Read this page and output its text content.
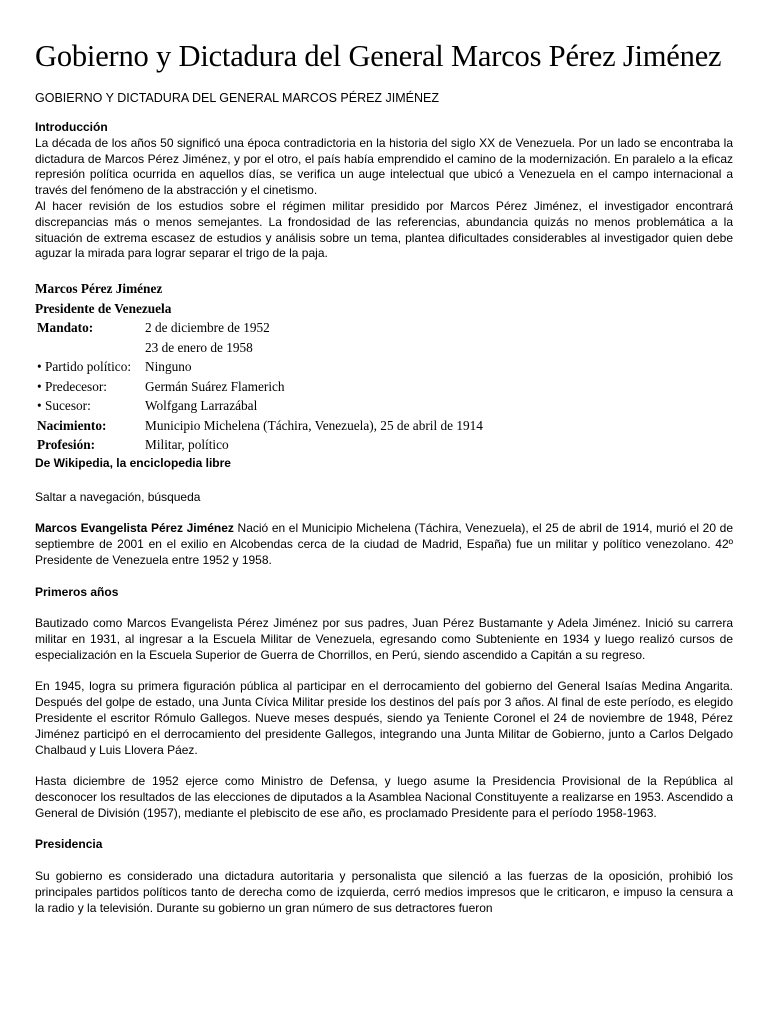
Gobierno y Dictadura del General Marcos Pérez Jiménez

GOBIERNO Y DICTADURA DEL GENERAL MARCOS PÉREZ JIMÉNEZ

Introducción

La década de los años 50 significó una época contradictoria en la historia del siglo XX de Venezuela. Por un lado se encontraba la dictadura de Marcos Pérez Jiménez, y por el otro, el país había emprendido el camino de la modernización. En paralelo a la eficaz represión política ocurrida en aquellos días, se verifica un auge intelectual que ubicó a Venezuela en el campo internacional a través del fenómeno de la abstracción y el cinetismo.

Al hacer revisión de los estudios sobre el régimen militar presidido por Marcos Pérez Jiménez, el investigador encontrará discrepancias más o menos semejantes. La frondosidad de las referencias, abundancia quizás no menos problemática a la situación de extrema escasez de estudios y análisis sobre un tema, plantea dificultades considerables al investigador quien debe aguzar la mirada para lograr separar el trigo de la paja.

Marcos Pérez Jiménez
Presidente de Venezuela
Mandato:	2 de diciembre de 1952
23 de enero de 1958

• Partido político:	Ninguno
• Predecesor:	Germán Suárez Flamerich
• Sucesor:	Wolfgang Larrazábal
Nacimiento:	Municipio Michelena (Táchira, Venezuela), 25 de abril de 1914
Profesión:	Militar, político

De Wikipedia, la enciclopedia libre

Saltar a navegación, búsqueda

Marcos Evangelista Pérez Jiménez Nació en el Municipio Michelena (Táchira, Venezuela), el 25 de abril de 1914, murió el 20 de septiembre de 2001 en el exilio en Alcobendas cerca de la ciudad de Madrid, España) fue un militar y político venezolano. 42º Presidente de Venezuela entre 1952 y 1958.

Primeros años

Bautizado como Marcos Evangelista Pérez Jiménez por sus padres, Juan Pérez Bustamante y Adela Jiménez. Inició su carrera militar en 1931, al ingresar a la Escuela Militar de Venezuela, egresando como Subteniente en 1934 y luego realizó cursos de especialización en la Escuela Superior de Guerra de Chorrillos, en Perú, siendo ascendido a Capitán a su regreso.

En 1945, logra su primera figuración pública al participar en el derrocamiento del gobierno del General Isaías Medina Angarita. Después del golpe de estado, una Junta Cívica Militar preside los destinos del país por 3 años. Al final de este período, es elegido Presidente el escritor Rómulo Gallegos. Nueve meses después, siendo ya Teniente Coronel el 24 de noviembre de 1948, Pérez Jiménez participó en el derrocamiento del presidente Gallegos, integrando una Junta Militar de Gobierno, junto a Carlos Delgado Chalbaud y Luis Llovera Páez.

Hasta diciembre de 1952 ejerce como Ministro de Defensa, y luego asume la Presidencia Provisional de la República al desconocer los resultados de las elecciones de diputados a la Asamblea Nacional Constituyente a realizarse en 1953. Ascendido a General de División (1957), mediante el plebiscito de ese año, es proclamado Presidente para el período 1958-1963.

Presidencia

Su gobierno es considerado una dictadura autoritaria y personalista que silenció a las fuerzas de la oposición, prohibió los principales partidos políticos tanto de derecha como de izquierda, cerró medios impresos que le criticaron, e impuso la censura a la radio y la televisión. Durante su gobierno un gran número de sus detractores fueron
